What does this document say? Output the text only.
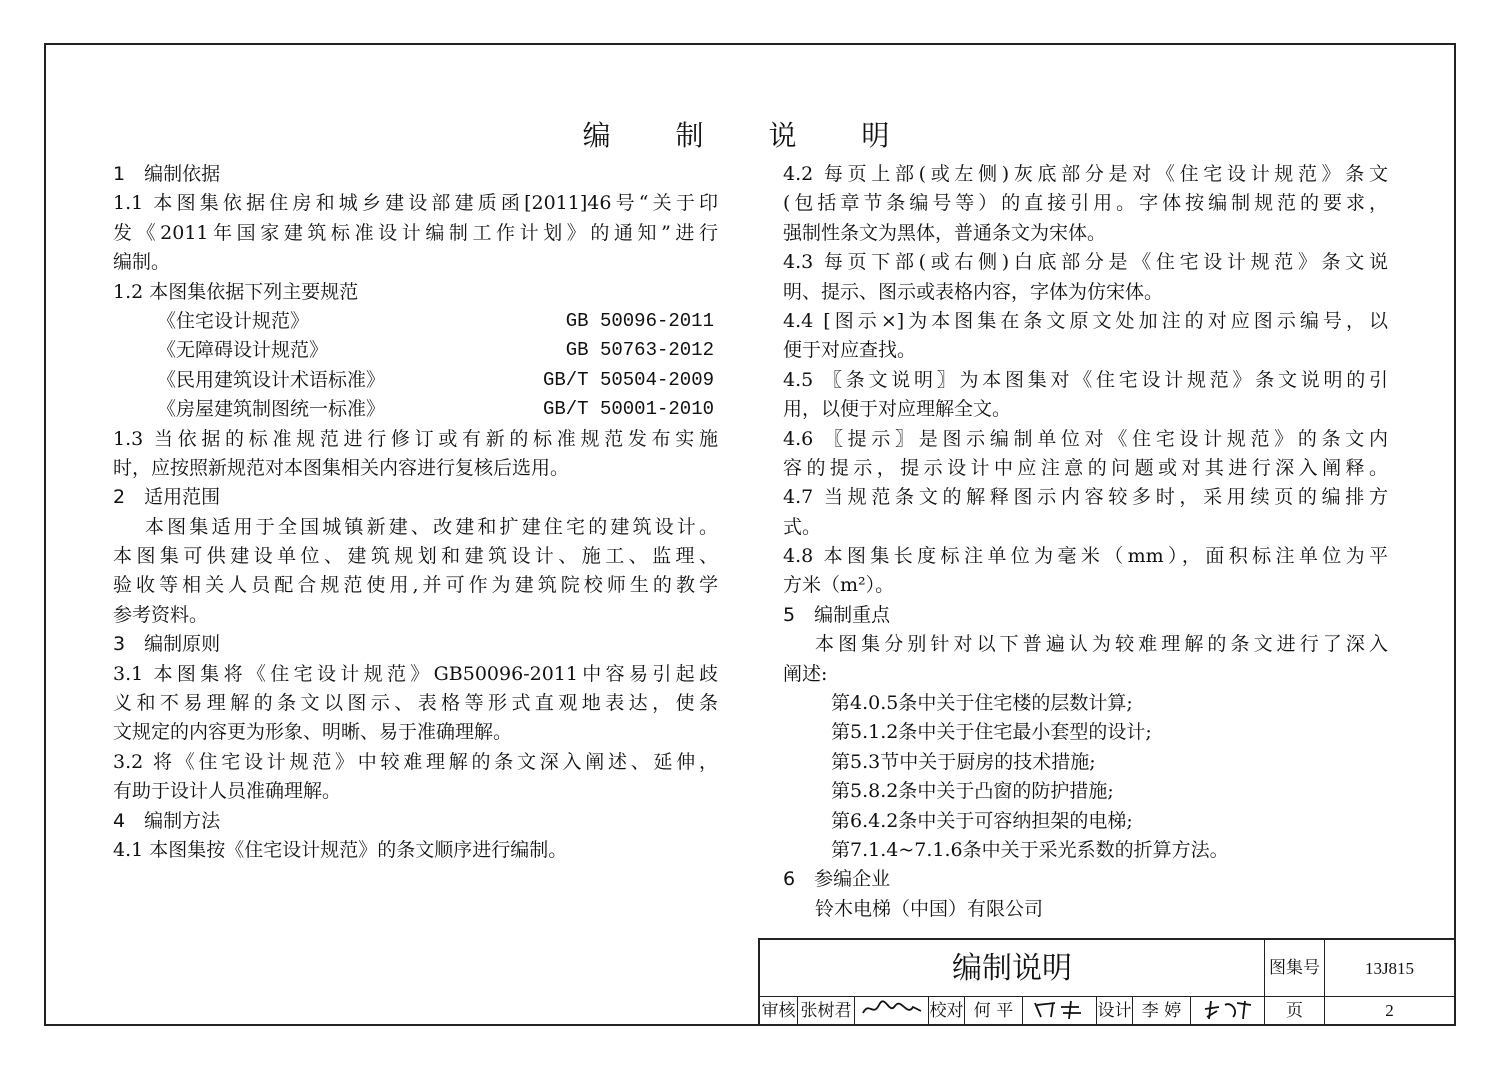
编 制 说 明
1　编制依据
1.1 本图集依据住房和城乡建设部建质函[2011]46号“关于印
发《2011年国家建筑标准设计编制工作计划》的通知”进行
编制。
1.2 本图集依据下列主要规范
《住宅设计规范》	GB 50096-2011
《无障碍设计规范》	GB 50763-2012
《民用建筑设计术语标准》	GB/T 50504-2009
《房屋建筑制图统一标准》	GB/T 50001-2010
1.3 当依据的标准规范进行修订或有新的标准规范发布实施
时，应按照新规范对本图集相关内容进行复核后选用。
2　适用范围
本图集适用于全国城镇新建、改建和扩建住宅的建筑设计。
本图集可供建设单位、建筑规划和建筑设计、施工、监理、
验收等相关人员配合规范使用,并可作为建筑院校师生的教学
参考资料。
3　编制原则
3.1 本图集将《住宅设计规范》GB50096-2011中容易引起歧
义和不易理解的条文以图示、表格等形式直观地表达，使条
文规定的内容更为形象、明晰、易于准确理解。
3.2 将《住宅设计规范》中较难理解的条文深入阐述、延伸，
有助于设计人员准确理解。
4　编制方法
4.1 本图集按《住宅设计规范》的条文顺序进行编制。
4.2 每页上部(或左侧)灰底部分是对《住宅设计规范》条文
(包括章节条编号等）的直接引用。字体按编制规范的要求，
强制性条文为黑体，普通条文为宋体。
4.3 每页下部(或右侧)白底部分是《住宅设计规范》条文说
明、提示、图示或表格内容，字体为仿宋体。
4.4 [图示×]为本图集在条文原文处加注的对应图示编号，以
便于对应查找。
4.5 〖条文说明〗为本图集对《住宅设计规范》条文说明的引
用，以便于对应理解全文。
4.6 〖提示〗是图示编制单位对《住宅设计规范》的条文内
容的提示，提示设计中应注意的问题或对其进行深入阐释。
4.7 当规范条文的解释图示内容较多时，采用续页的编排方
式。
4.8 本图集长度标注单位为毫米（mm），面积标注单位为平
方米（m²）。
5　编制重点
本图集分别针对以下普遍认为较难理解的条文进行了深入
阐述:
第4.0.5条中关于住宅楼的层数计算;
第5.1.2条中关于住宅最小套型的设计;
第5.3节中关于厨房的技术措施;
第5.8.2条中关于凸窗的防护措施;
第6.4.2条中关于可容纳担架的电梯;
第7.1.4~7.1.6条中关于采光系数的折算方法。
6　参编企业
铃木电梯（中国）有限公司
编制说明	图集号	13J815
审核 张树君	校对 何 平	设计 李 婷	页	2
